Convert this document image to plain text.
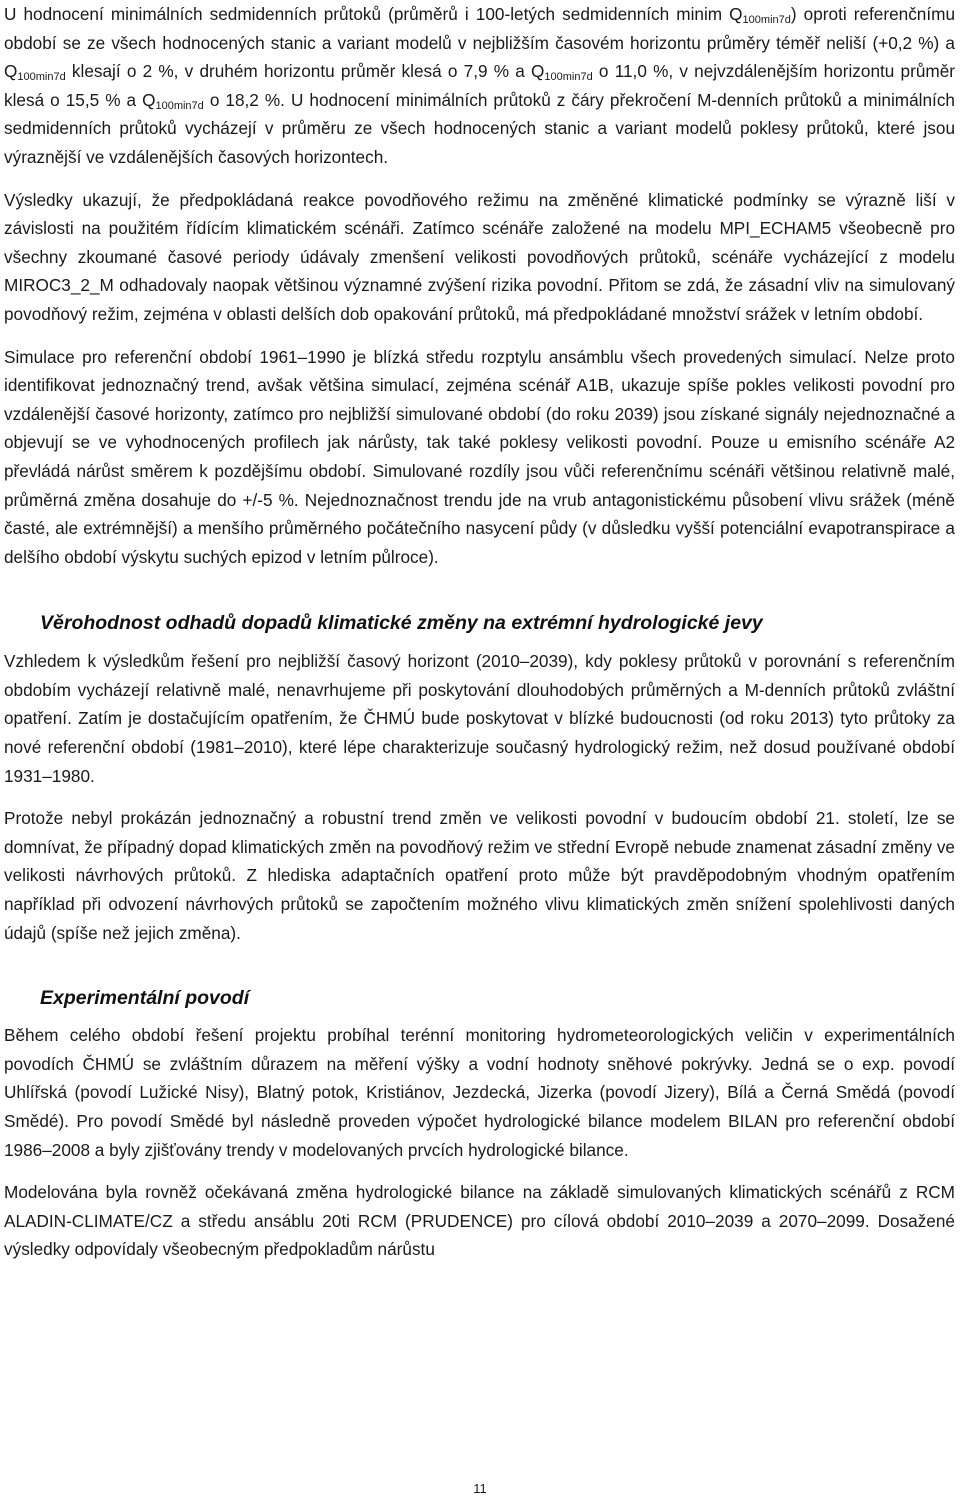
U hodnocení minimálních sedmidenních průtoků (průměrů i 100-letých sedmidenních minim $Q_{100min7d}$) oproti referenčnímu období se ze všech hodnocených stanic a variant modelů v nejbližším časovém horizontu průměry téměř neliší (+0,2 %) a $Q_{100min7d}$ klesají o 2 %, v druhém horizontu průměr klesá o 7,9 % a $Q_{100min7d}$ o 11,0 %, v nejvzdálenějším horizontu průměr klesá o 15,5 % a $Q_{100min7d}$ o 18,2 %. U hodnocení minimálních průtoků z čáry překročení M-denních průtoků a minimálních sedmidenních průtoků vycházejí v průměru ze všech hodnocených stanic a variant modelů poklesy průtoků, které jsou výraznější ve vzdálenějších časových horizontech.

Výsledky ukazují, že předpokládaná reakce povodňového režimu na změněné klimatické podmínky se výrazně liší v závislosti na použitém řídícím klimatickém scénáři. Zatímco scénáře založené na modelu MPI_ECHAM5 všeobecně pro všechny zkoumané časové periody údávaly zmenšení velikosti povodňových průtoků, scénáře vycházející z modelu MIROC3_2_M odhadovaly naopak většinou významné zvýšení rizika povodní. Přitom se zdá, že zásadní vliv na simulovaný povodňový režim, zejména v oblasti delších dob opakování průtoků, má předpokládané množství srážek v letním období.

Simulace pro referenční období 1961–1990 je blízká středu rozptylu ansámblu všech provedených simulací. Nelze proto identifikovat jednoznačný trend, avšak většina simulací, zejména scénář A1B, ukazuje spíše pokles velikosti povodní pro vzdálenější časové horizonty, zatímco pro nejbližší simulované období (do roku 2039) jsou získané signály nejednoznačné a objevují se ve vyhodnocených profilech jak nárůsty, tak také poklesy velikosti povodní. Pouze u emisního scénáře A2 převládá nárůst směrem k pozdějšímu období. Simulované rozdíly jsou vůči referenčnímu scénáři většinou relativně malé, průměrná změna dosahuje do +/-5 %. Nejednoznačnost trendu jde na vrub antagonistickému působení vlivu srážek (méně časté, ale extrémnější) a menšího průměrného počátečního nasycení půdy (v důsledku vyšší potenciální evapotranspirace a delšího období výskytu suchých epizod v letním půlroce).

Věrohodnost odhadů dopadů klimatické změny na extrémní hydrologické jevy

Vzhledem k výsledkům řešení pro nejbližší časový horizont (2010–2039), kdy poklesy průtoků v porovnání s referenčním obdobím vycházejí relativně malé, nenavrhujeme při poskytování dlouhodobých průměrných a M-denních průtoků zvláštní opatření. Zatím je dostačujícím opatřením, že ČHMÚ bude poskytovat v blízké budoucnosti (od roku 2013) tyto průtoky za nové referenční období (1981–2010), které lépe charakterizuje současný hydrologický režim, než dosud používané období 1931–1980.

Protože nebyl prokázán jednoznačný a robustní trend změn ve velikosti povodní v budoucím období 21. století, lze se domnívat, že případný dopad klimatických změn na povodňový režim ve střední Evropě nebude znamenat zásadní změny ve velikosti návrhových průtoků. Z hlediska adaptačních opatření proto může být pravděpodobným vhodným opatřením například při odvození návrhových průtoků se započtením možného vlivu klimatických změn snížení spolehlivosti daných údajů (spíše než jejich změna).

Experimentální povodí

Během celého období řešení projektu probíhal terénní monitoring hydrometeorologických veličin v experimentálních povodích ČHMÚ se zvláštním důrazem na měření výšky a vodní hodnoty sněhové pokrývky. Jedná se o exp. povodí Uhlířská (povodí Lužické Nisy), Blatný potok, Kristiánov, Jezdecká, Jizerka (povodí Jizery), Bílá a Černá Smědá (povodí Smědé). Pro povodí Smědé byl následně proveden výpočet hydrologické bilance modelem BILAN pro referenční období 1986–2008 a byly zjišťovány trendy v modelovaných prvcích hydrologické bilance.

Modelována byla rovněž očekávaná změna hydrologické bilance na základě simulovaných klimatických scénářů z RCM ALADIN-CLIMATE/CZ a středu ansáblu 20ti RCM (PRUDENCE) pro cílová období 2010–2039 a 2070–2099. Dosažené výsledky odpovídaly všeobecným předpokladům nárůstu

11
